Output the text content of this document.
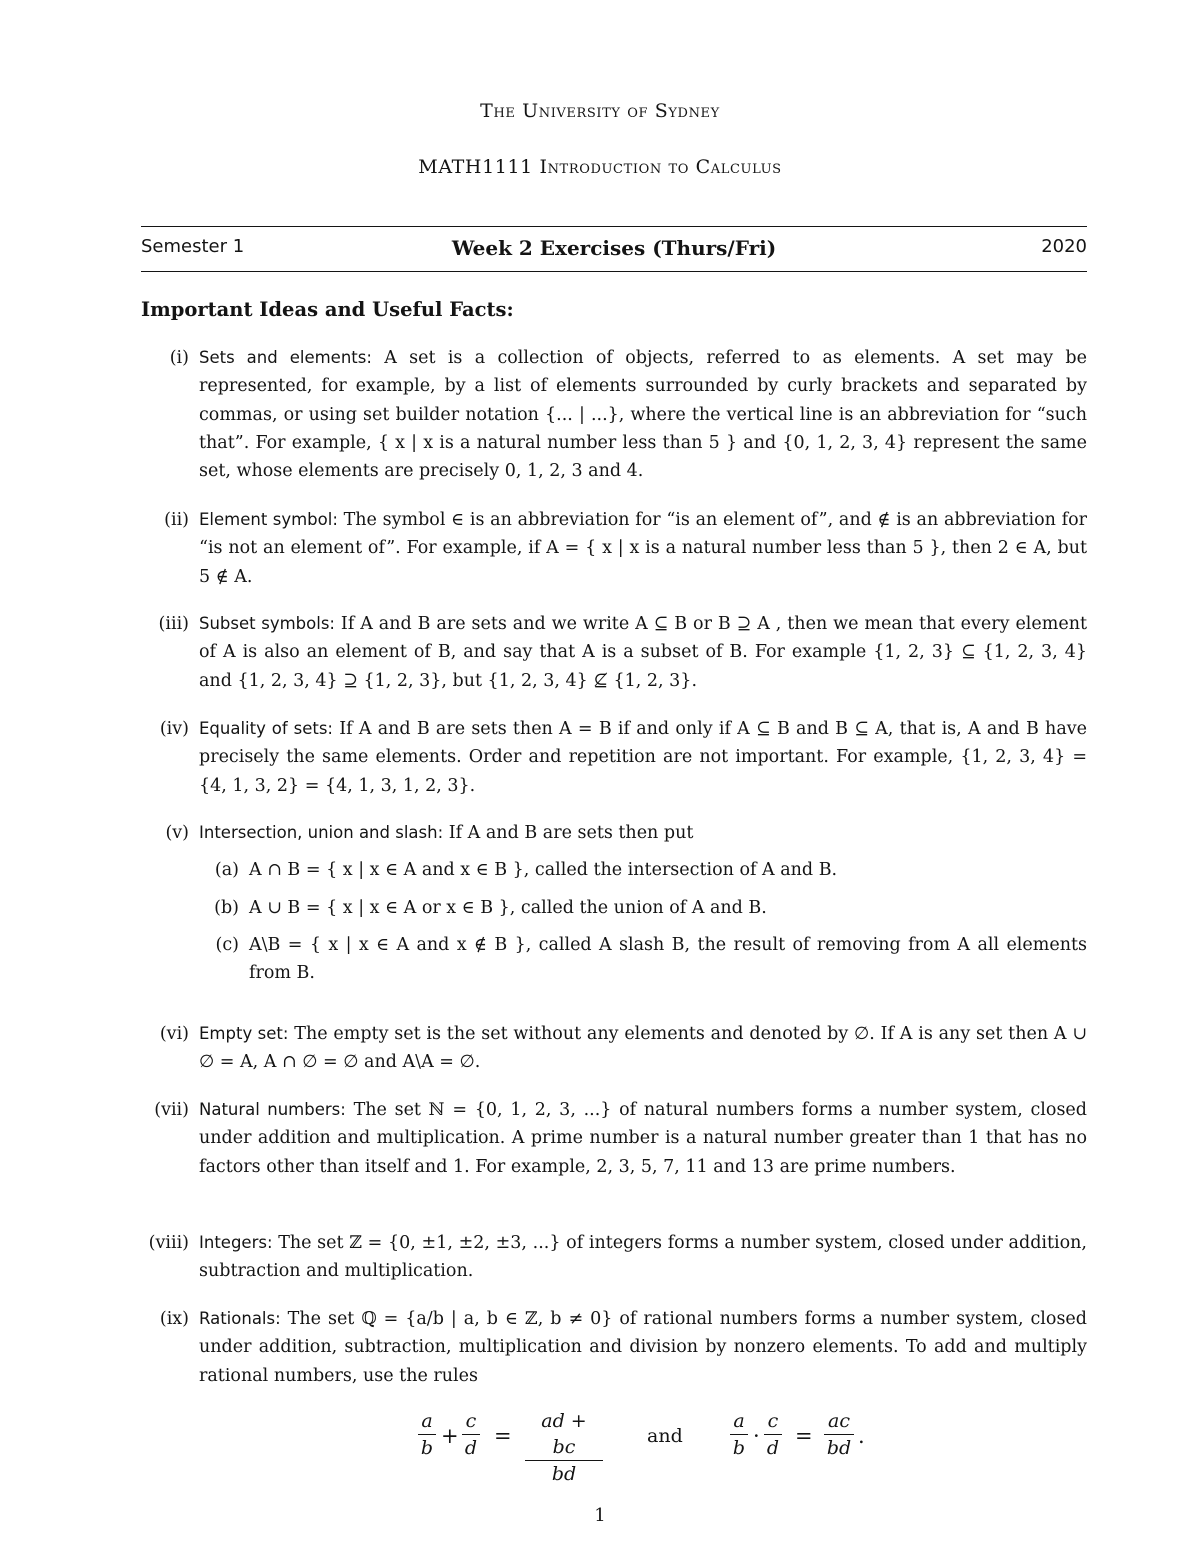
The University of Sydney
MATH1111 Introduction to Calculus
Semester 1	Week 2 Exercises (Thurs/Fri)	2020
Important Ideas and Useful Facts:
(i) Sets and elements: A set is a collection of objects, referred to as elements. A set may be represented, for example, by a list of elements surrounded by curly brackets and separated by commas, or using set builder notation {... | ...}, where the vertical line is an abbreviation for “such that”. For example, { x | x is a natural number less than 5 } and {0, 1, 2, 3, 4} represent the same set, whose elements are precisely 0, 1, 2, 3 and 4.
(ii) Element symbol: The symbol ∈ is an abbreviation for “is an element of”, and ∉ is an abbreviation for “is not an element of”. For example, if A = { x | x is a natural number less than 5 }, then 2 ∈ A, but 5 ∉ A.
(iii) Subset symbols: If A and B are sets and we write A ⊆ B or B ⊇ A , then we mean that every element of A is also an element of B, and say that A is a subset of B. For example {1, 2, 3} ⊆ {1, 2, 3, 4} and {1, 2, 3, 4} ⊇ {1, 2, 3}, but {1, 2, 3, 4} ⊈ {1, 2, 3}.
(iv) Equality of sets: If A and B are sets then A = B if and only if A ⊆ B and B ⊆ A, that is, A and B have precisely the same elements. Order and repetition are not important. For example, {1, 2, 3, 4} = {4, 1, 3, 2} = {4, 1, 3, 1, 2, 3}.
(v) Intersection, union and slash: If A and B are sets then put
(a) A ∩ B = { x | x ∈ A and x ∈ B }, called the intersection of A and B.
(b) A ∪ B = { x | x ∈ A or x ∈ B }, called the union of A and B.
(c) A\B = { x | x ∈ A and x ∉ B }, called A slash B, the result of removing from A all elements from B.
(vi) Empty set: The empty set is the set without any elements and denoted by ∅. If A is any set then A ∪ ∅ = A, A ∩ ∅ = ∅ and A\A = ∅.
(vii) Natural numbers: The set ℕ = {0, 1, 2, 3, ...} of natural numbers forms a number system, closed under addition and multiplication. A prime number is a natural number greater than 1 that has no factors other than itself and 1. For example, 2, 3, 5, 7, 11 and 13 are prime numbers.
(viii) Integers: The set ℤ = {0, ±1, ±2, ±3, ...} of integers forms a number system, closed under addition, subtraction and multiplication.
(ix) Rationals: The set ℚ = {a/b | a, b ∈ ℤ, b ≠ 0} of rational numbers forms a number system, closed under addition, subtraction, multiplication and division by nonzero elements. To add and multiply rational numbers, use the rules
$\frac{a}{b} + \frac{c}{d} = \frac{ad + bc}{bd}$ and $\frac{a}{b} \cdot \frac{c}{d} = \frac{ac}{bd}$ .
1
